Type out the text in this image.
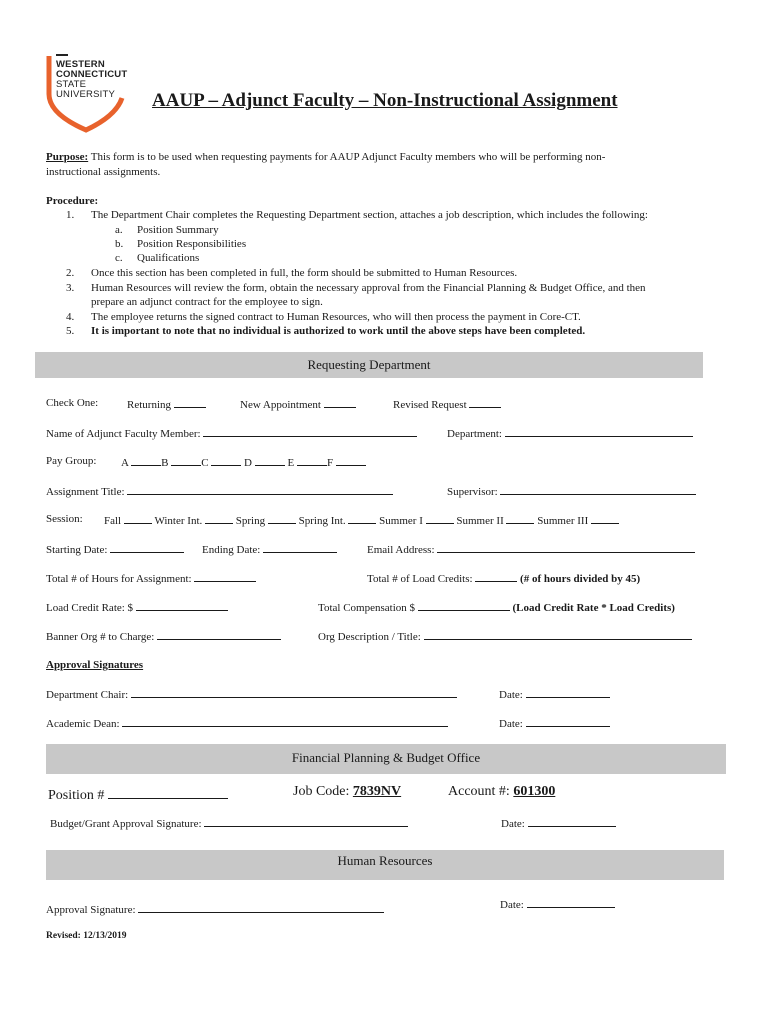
WESTERN
CONNECTICUT
STATE
UNIVERSITY	AAUP – Adjunct Faculty – Non-Instructional Assignment
Purpose: This form is to be used when requesting payments for AAUP Adjunct Faculty members who will be performing non-
instructional assignments.
Procedure:
1. The Department Chair completes the Requesting Department section, attaches a job description, which includes the following:
a. Position Summary
b. Position Responsibilities
c. Qualifications
2. Once this section has been completed in full, the form should be submitted to Human Resources.
3. Human Resources will review the form, obtain the necessary approval from the Financial Planning & Budget Office, and then
prepare an adjunct contract for the employee to sign.
4. The employee returns the signed contract to Human Resources, who will then process the payment in Core-CT.
5. It is important to note that no individual is authorized to work until the above steps have been completed.
Requesting Department
Check One:	Returning	New Appointment	Revised Request
Name of Adjunct Faculty Member:	Department:
Pay Group: A	B	C	D	E	F
Assignment Title:	Supervisor:
Session: Fall	Winter Int.	Spring	Spring Int.	Summer I	Summer II	Summer III
Starting Date:	Ending Date:	Email Address:
Total # of Hours for Assignment:	Total # of Load Credits:	(# of hours divided by 45)
Load Credit Rate: $	Total Compensation $	(Load Credit Rate * Load Credits)
Banner Org # to Charge:	Org Description / Title:
Approval Signatures
Department Chair:	Date:
Academic Dean:	Date:
Financial Planning & Budget Office
Position #	Job Code: 7839NV	Account #: 601300
Budget/Grant Approval Signature:	Date:
Human Resources
Approval Signature:	Date:
Revised: 12/13/2019
